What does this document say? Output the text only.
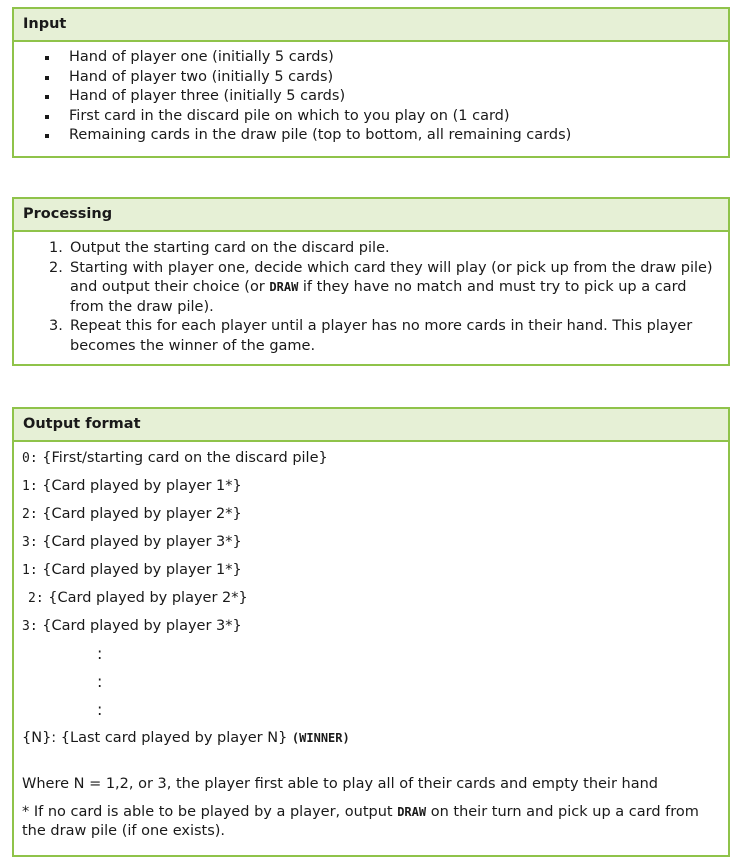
Input
Hand of player one (initially 5 cards)
Hand of player two (initially 5 cards)
Hand of player three (initially 5 cards)
First card in the discard pile on which to you play on (1 card)
Remaining cards in the draw pile (top to bottom, all remaining cards)
Processing
1. Output the starting card on the discard pile.
2. Starting with player one, decide which card they will play (or pick up from the draw pile) and output their choice (or DRAW if they have no match and must try to pick up a card from the draw pile).
3. Repeat this for each player until a player has no more cards in their hand. This player becomes the winner of the game.
Output format
0: {First/starting card on the discard pile}
1: {Card played by player 1*}
2: {Card played by player 2*}
3: {Card played by player 3*}
1: {Card played by player 1*}
2: {Card played by player 2*}
3: {Card played by player 3*}
:
:
:
{N}: {Last card played by player N} (WINNER)
Where N = 1,2, or 3, the player first able to play all of their cards and empty their hand
* If no card is able to be played by a player, output DRAW on their turn and pick up a card from the draw pile (if one exists).
